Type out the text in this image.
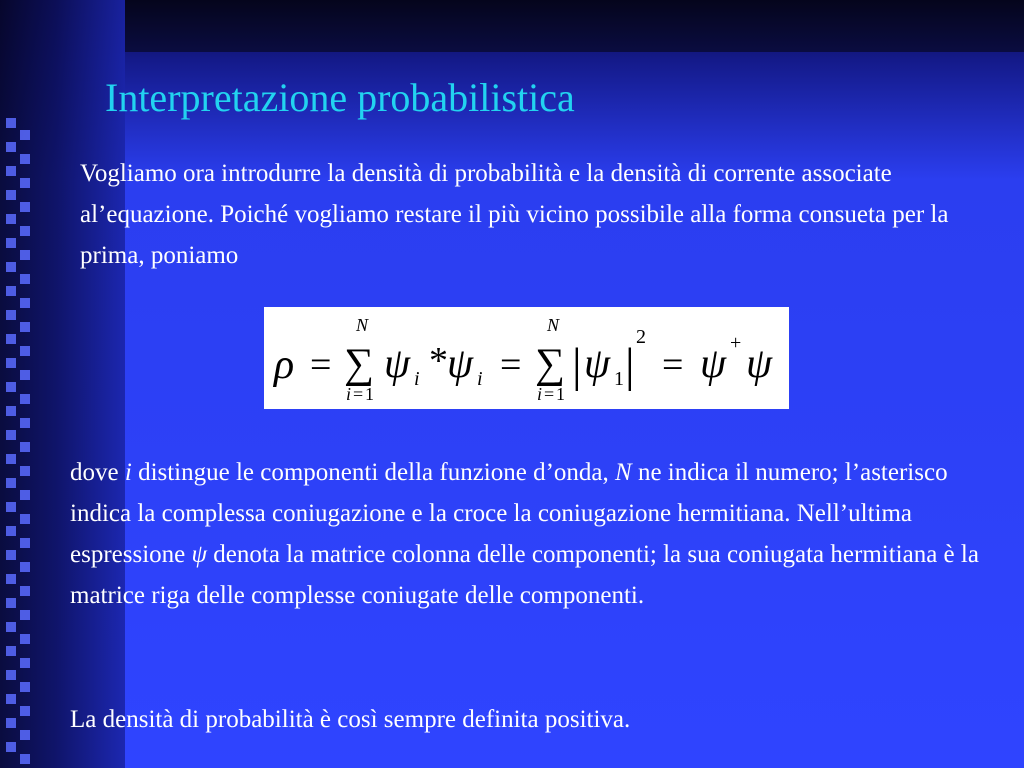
Interpretazione probabilistica

Vogliamo ora introdurre la densità di probabilità e la densità di corrente associate al’equazione. Poiché vogliamo restare il più vicino possibile alla forma consueta per la prima, poniamo

ρ =
N
∑
i = 1
ψ i * ψ i =
N
∑
i = 1
| ψ 1 |
2
= ψ + ψ

dove i distingue le componenti della funzione d’onda, N ne indica il numero; l’asterisco indica la complessa coniugazione e la croce la coniugazione hermitiana. Nell’ultima espressione ψ denota la matrice colonna delle componenti; la sua coniugata hermitiana è la matrice riga delle complesse coniugate delle componenti.

La densità di probabilità è così sempre definita positiva.
